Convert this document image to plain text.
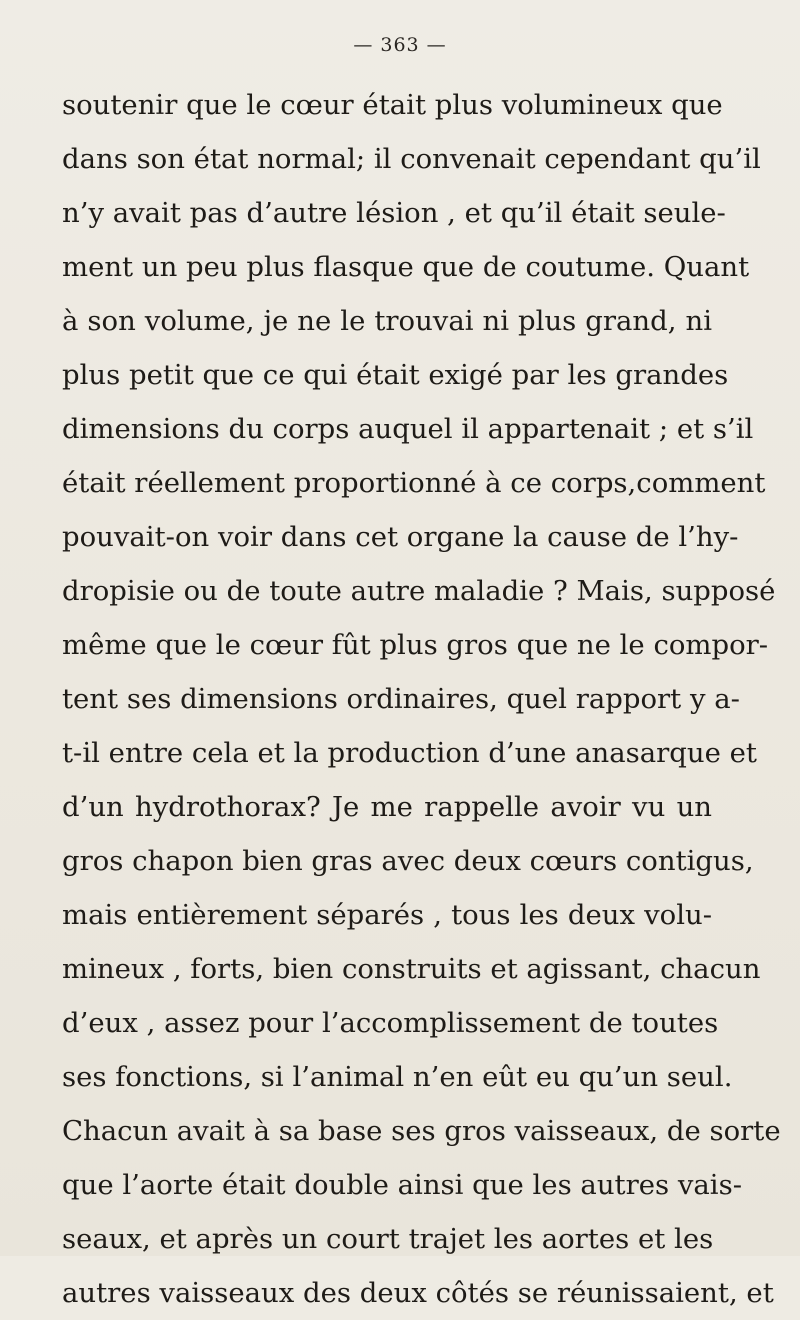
— 363 —
soutenir que le cœur était plus volumineux que
dans son état normal; il convenait cependant qu’il
n’y avait pas d’autre lésion , et qu’il était seule-
ment un peu plus flasque que de coutume. Quant
à son volume, je ne le trouvai ni plus grand, ni
plus petit que ce qui était exigé par les grandes
dimensions du corps auquel il appartenait ; et s’il
était réellement proportionné à ce corps,comment
pouvait-on voir dans cet organe la cause de l’hy-
dropisie ou de toute autre maladie ? Mais, supposé
même que le cœur fût plus gros que ne le compor-
tent ses dimensions ordinaires, quel rapport y a-
t-il entre cela et la production d’une anasarque et
d’un hydrothorax? Je me rappelle avoir vu un
gros chapon bien gras avec deux cœurs contigus,
mais entièrement séparés , tous les deux volu-
mineux , forts, bien construits et agissant, chacun
d’eux , assez pour l’accomplissement de toutes
ses fonctions, si l’animal n’en eût eu qu’un seul.
Chacun avait à sa base ses gros vaisseaux, de sorte
que l’aorte était double ainsi que les autres vais-
seaux, et après un court trajet les aortes et les
autres vaisseaux des deux côtés se réunissaient, et
